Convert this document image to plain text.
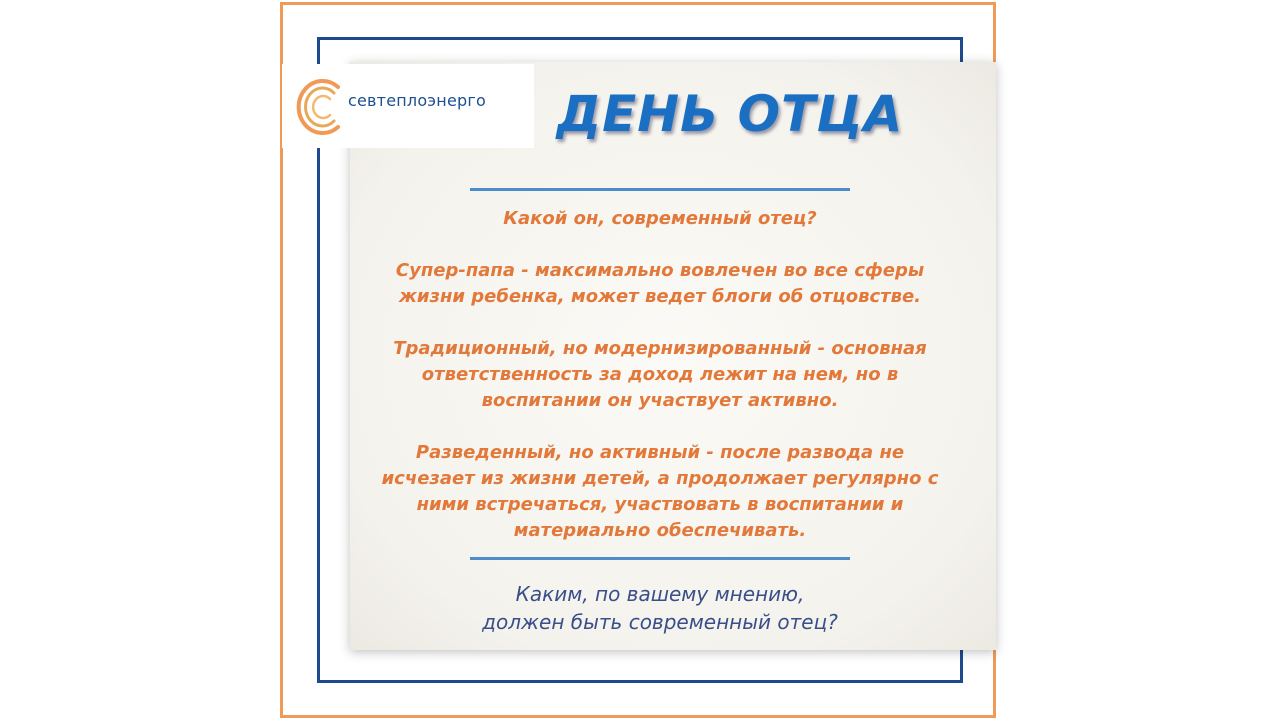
севтеплоэнерго ДЕНЬ ОТЦА

Какой он, современный отец?

Супер-папа - максимально вовлечен во все сферы жизни ребенка, может ведет блоги об отцовстве.

Традиционный, но модернизированный - основная ответственность за доход лежит на нем, но в воспитании он участвует активно.

Разведенный, но активный - после развода не исчезает из жизни детей, а продолжает регулярно с ними встречаться, участвовать в воспитании и материально обеспечивать.

Каким, по вашему мнению,
должен быть современный отец?
